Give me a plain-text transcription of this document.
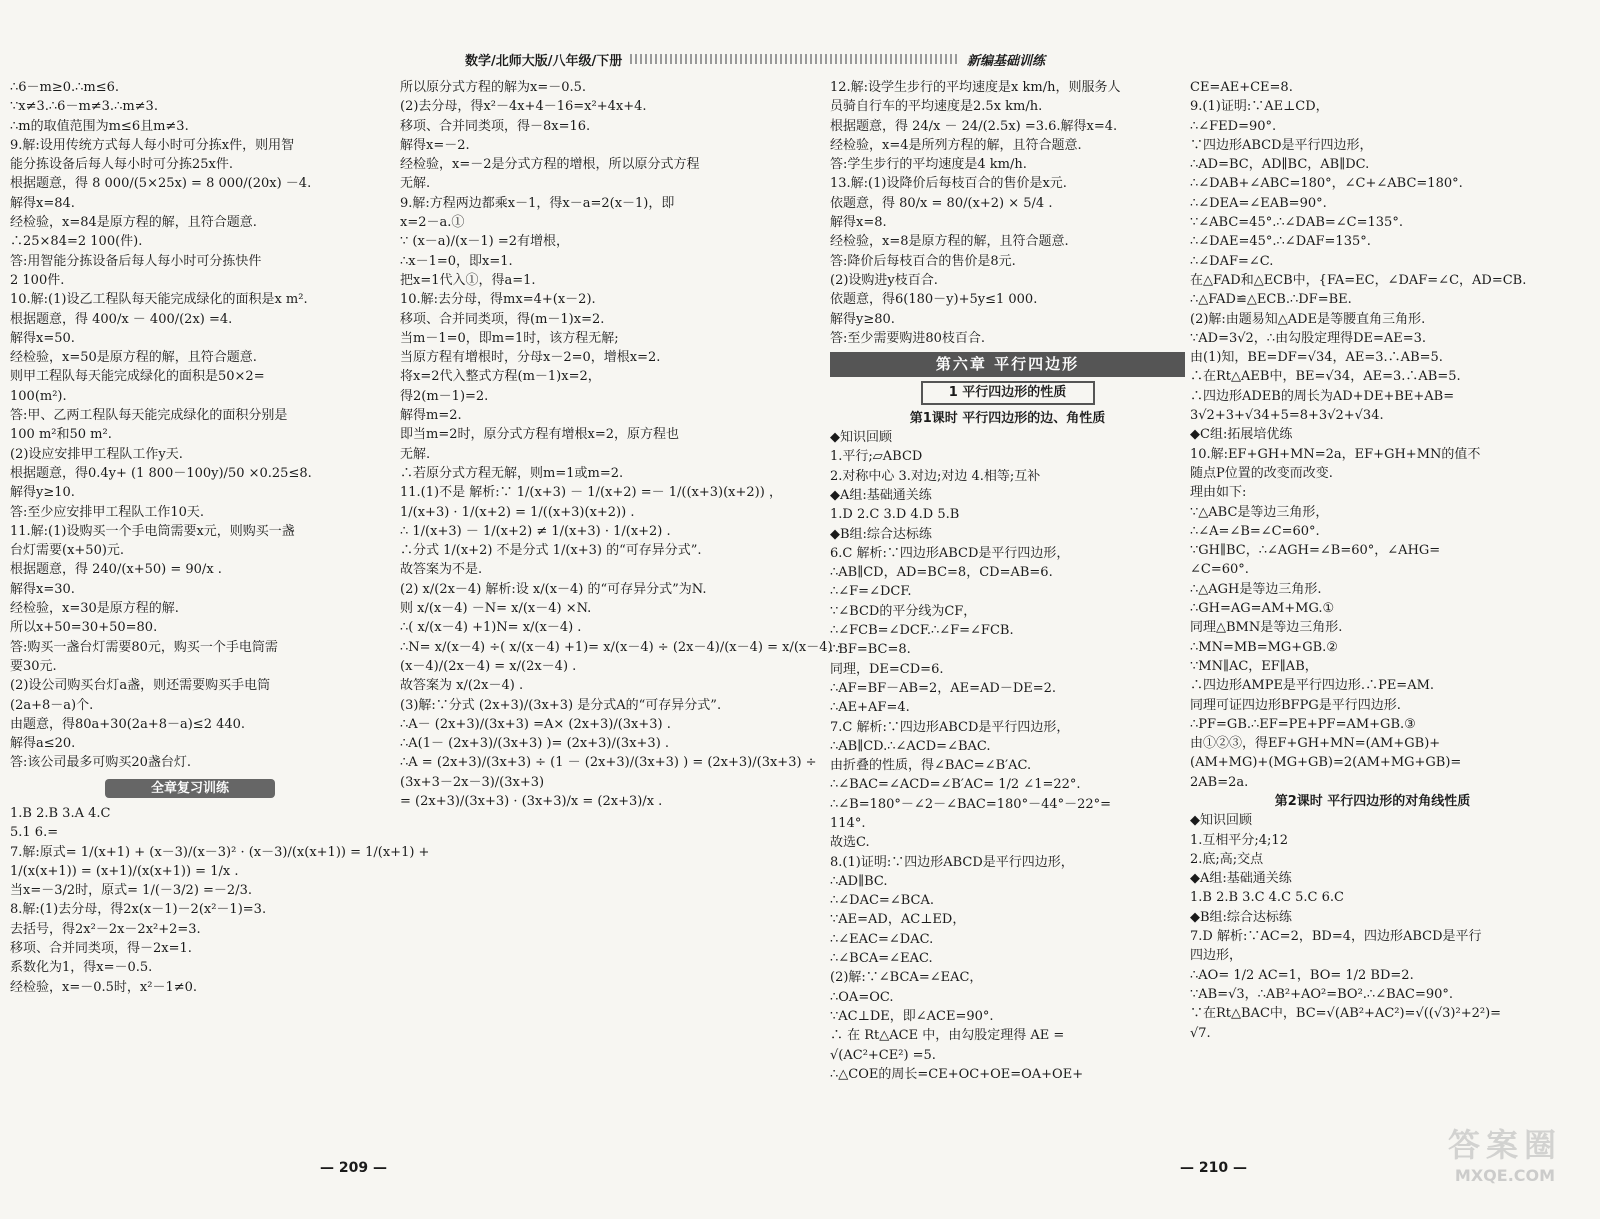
数学/北师大版/八年级/下册	新编基础训练
∴6－m≥0.∴m≤6.
∵x≠3.∴6－m≠3.∴m≠3.
∴m的取值范围为m≤6且m≠3.
9.解:设用传统方式每人每小时可分拣x件，则用智
能分拣设备后每人每小时可分拣25x件.
根据题意，得 8 000/(5×25x) = 8 000/(20x) －4.
解得x=84.
经检验，x=84是原方程的解，且符合题意.
∴25×84=2 100(件).
答:用智能分拣设备后每人每小时可分拣快件
2 100件.
10.解:(1)设乙工程队每天能完成绿化的面积是x m².
根据题意，得 400/x － 400/(2x) =4.
解得x=50.
经检验，x=50是原方程的解，且符合题意.
则甲工程队每天能完成绿化的面积是50×2=
100(m²).
答:甲、乙两工程队每天能完成绿化的面积分别是
100 m²和50 m².
(2)设应安排甲工程队工作y天.
根据题意，得0.4y+ (1 800－100y)/50 ×0.25≤8.
解得y≥10.
答:至少应安排甲工程队工作10天.
11.解:(1)设购买一个手电筒需要x元，则购买一盏
台灯需要(x+50)元.
根据题意，得 240/(x+50) = 90/x .
解得x=30.
经检验，x=30是原方程的解.
所以x+50=30+50=80.
答:购买一盏台灯需要80元，购买一个手电筒需
要30元.
(2)设公司购买台灯a盏，则还需要购买手电筒
(2a+8－a)个.
由题意，得80a+30(2a+8－a)≤2 440.
解得a≤20.
答:该公司最多可购买20盏台灯.
全章复习训练
1.B 2.B 3.A 4.C
5.1 6.=
7.解:原式= 1/(x+1) + (x－3)/(x－3)² · (x－3)/(x(x+1)) = 1/(x+1) +
1/(x(x+1)) = (x+1)/(x(x+1)) = 1/x .
当x=－3/2时，原式= 1/(－3/2) =－2/3.
8.解:(1)去分母，得2x(x－1)－2(x²－1)=3.
去括号，得2x²－2x－2x²+2=3.
移项、合并同类项，得－2x=1.
系数化为1，得x=－0.5.
经检验，x=－0.5时，x²－1≠0.
所以原分式方程的解为x=－0.5.
(2)去分母，得x²－4x+4－16=x²+4x+4.
移项、合并同类项，得－8x=16.
解得x=－2.
经检验，x=－2是分式方程的增根，所以原分式方程
无解.
9.解:方程两边都乘x－1，得x－a=2(x－1)，即
x=2－a.①
∵ (x－a)/(x－1) =2有增根，
∴x－1=0，即x=1.
把x=1代入①，得a=1.
10.解:去分母，得mx=4+(x－2).
移项、合并同类项，得(m－1)x=2.
当m－1=0，即m=1时，该方程无解;
当原方程有增根时，分母x－2=0，增根x=2.
将x=2代入整式方程(m－1)x=2，
得2(m－1)=2.
解得m=2.
即当m=2时，原分式方程有增根x=2，原方程也
无解.
∴若原分式方程无解，则m=1或m=2.
11.(1)不是 解析:∵ 1/(x+3) － 1/(x+2) =－ 1/((x+3)(x+2)) ，
1/(x+3) · 1/(x+2) = 1/((x+3)(x+2)) .
∴ 1/(x+3) － 1/(x+2) ≠ 1/(x+3) · 1/(x+2) .
∴分式 1/(x+2) 不是分式 1/(x+3) 的“可存异分式”.
故答案为不是.
(2) x/(2x－4) 解析:设 x/(x－4) 的“可存异分式”为N.
则 x/(x－4) －N= x/(x－4) ×N.
∴( x/(x－4) +1)N= x/(x－4) .
∴N= x/(x－4) ÷( x/(x－4) +1)= x/(x－4) ÷ (2x－4)/(x－4) = x/(x－4) ·
(x－4)/(2x－4) = x/(2x－4) .
故答案为 x/(2x－4) .
(3)解:∵分式 (2x+3)/(3x+3) 是分式A的“可存异分式”.
∴A－ (2x+3)/(3x+3) =A× (2x+3)/(3x+3) .
∴A(1－ (2x+3)/(3x+3) )= (2x+3)/(3x+3) .
∴A = (2x+3)/(3x+3) ÷ (1 － (2x+3)/(3x+3) ) = (2x+3)/(3x+3) ÷
(3x+3－2x－3)/(3x+3)
= (2x+3)/(3x+3) · (3x+3)/x = (2x+3)/x .
12.解:设学生步行的平均速度是x km/h，则服务人
员骑自行车的平均速度是2.5x km/h.
根据题意，得 24/x － 24/(2.5x) =3.6.解得x=4.
经检验，x=4是所列方程的解，且符合题意.
答:学生步行的平均速度是4 km/h.
13.解:(1)设降价后每枝百合的售价是x元.
依题意，得 80/x = 80/(x+2) × 5/4 .
解得x=8.
经检验，x=8是原方程的解，且符合题意.
答:降价后每枝百合的售价是8元.
(2)设购进y枝百合.
依题意，得6(180－y)+5y≤1 000.
解得y≥80.
答:至少需要购进80枝百合.
第六章 平行四边形
1 平行四边形的性质
第1课时 平行四边形的边、角性质
◆知识回顾
1.平行;▱ABCD
2.对称中心 3.对边;对边 4.相等;互补
◆A组:基础通关练
1.D 2.C 3.D 4.D 5.B
◆B组:综合达标练
6.C 解析:∵四边形ABCD是平行四边形，
∴AB∥CD，AD=BC=8，CD=AB=6.
∴∠F=∠DCF.
∵∠BCD的平分线为CF，
∴∠FCB=∠DCF.∴∠F=∠FCB.
∴BF=BC=8.
同理，DE=CD=6.
∴AF=BF－AB=2，AE=AD－DE=2.
∴AE+AF=4.
7.C 解析:∵四边形ABCD是平行四边形，
∴AB∥CD.∴∠ACD=∠BAC.
由折叠的性质，得∠BAC=∠B′AC.
∴∠BAC=∠ACD=∠B′AC= 1/2 ∠1=22°.
∴∠B=180°－∠2－∠BAC=180°－44°－22°=
114°.
故选C.
8.(1)证明:∵四边形ABCD是平行四边形，
∴AD∥BC.
∴∠DAC=∠BCA.
∵AE=AD，AC⊥ED，
∴∠EAC=∠DAC.
∴∠BCA=∠EAC.
(2)解:∵∠BCA=∠EAC，
∴OA=OC.
∵AC⊥DE，即∠ACE=90°.
∴ 在 Rt△ACE 中，由勾股定理得 AE =
√(AC²+CE²) =5.
∴△COE的周长=CE+OC+OE=OA+OE+
CE=AE+CE=8.
9.(1)证明:∵AE⊥CD，
∴∠FED=90°.
∵四边形ABCD是平行四边形，
∴AD=BC，AD∥BC，AB∥DC.
∴∠DAB+∠ABC=180°，∠C+∠ABC=180°.
∴∠DEA=∠EAB=90°.
∵∠ABC=45°.∴∠DAB=∠C=135°.
∴∠DAE=45°.∴∠DAF=135°.
∴∠DAF=∠C.
在△FAD和△ECB中，{FA=EC，∠DAF=∠C，AD=CB.
∴△FAD≌△ECB.∴DF=BE.
(2)解:由题易知△ADE是等腰直角三角形.
∵AD=3√2，∴由勾股定理得DE=AE=3.
由(1)知，BE=DF=√34，AE=3.∴AB=5.
∴在Rt△AEB中，BE=√34，AE=3.∴AB=5.
∴四边形ADEB的周长为AD+DE+BE+AB=
3√2+3+√34+5=8+3√2+√34.
◆C组:拓展培优练
10.解:EF+GH+MN=2a，EF+GH+MN的值不
随点P位置的改变而改变.
理由如下:
∵△ABC是等边三角形，
∴∠A=∠B=∠C=60°.
∵GH∥BC，∴∠AGH=∠B=60°，∠AHG=
∠C=60°.
∴△AGH是等边三角形.
∴GH=AG=AM+MG.①
同理△BMN是等边三角形.
∴MN=MB=MG+GB.②
∵MN∥AC，EF∥AB，
∴四边形AMPE是平行四边形.∴PE=AM.
同理可证四边形BFPG是平行四边形.
∴PF=GB.∴EF=PE+PF=AM+GB.③
由①②③，得EF+GH+MN=(AM+GB)+
(AM+MG)+(MG+GB)=2(AM+MG+GB)=
2AB=2a.
第2课时 平行四边形的对角线性质
◆知识回顾
1.互相平分;4;12
2.底;高;交点
◆A组:基础通关练
1.B 2.B 3.C 4.C 5.C 6.C
◆B组:综合达标练
7.D 解析:∵AC=2，BD=4，四边形ABCD是平行
四边形，
∴AO= 1/2 AC=1，BO= 1/2 BD=2.
∵AB=√3，∴AB²+AO²=BO².∴∠BAC=90°.
∵在Rt△BAC中，BC=√(AB²+AC²)=√((√3)²+2²)=
√7.
— 209 —	— 210 —
答案圈
MXQE.COM
